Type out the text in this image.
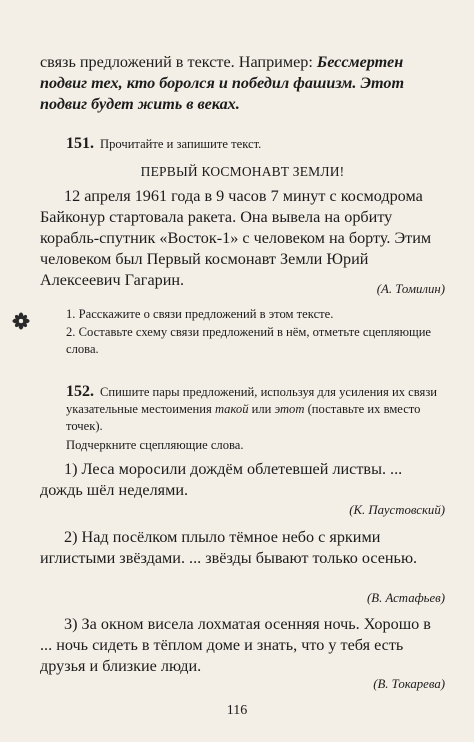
связь предложений в тексте. Например: Бессмертен подвиг тех, кто боролся и победил фашизм. Этот подвиг будет жить в веках.
151. Прочитайте и запишите текст.
ПЕРВЫЙ КОСМОНАВТ ЗЕМЛИ!
12 апреля 1961 года в 9 часов 7 минут с космодрома Байконур стартовала ракета. Она вывела на орбиту корабль-спутник «Восток-1» с человеком на борту. Этим человеком был Первый космонавт Земли Юрий Алексеевич Гагарин.	(А. Томилин)
1. Расскажите о связи предложений в этом тексте.
2. Составьте схему связи предложений в нём, отметьте сцепляющие слова.
152. Спишите пары предложений, используя для усиления их связи указательные местоимения такой или этот (поставьте их вместо точек).
Подчеркните сцепляющие слова.
1) Леса моросили дождём облетевшей листвы. ... дождь шёл неделями.
(К. Паустовский)
2) Над посёлком плыло тёмное небо с яркими иглистыми звёздами. ... звёзды бывают только осенью.
(В. Астафьев)
3) За окном висела лохматая осенняя ночь. Хорошо в ... ночь сидеть в тёплом доме и знать, что у тебя есть друзья и близкие люди.
(В. Токарева)
116
